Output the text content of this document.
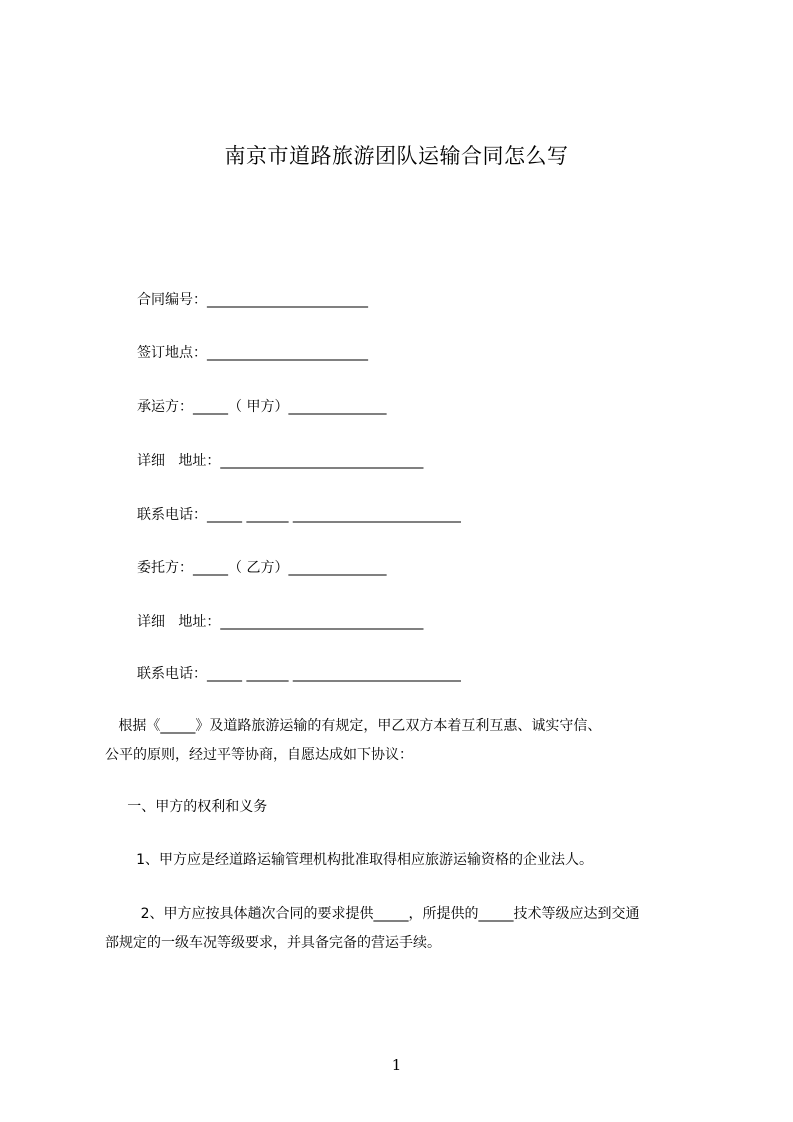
南京市道路旅游团队运输合同怎么写
合同编号：_______________________
签订地点：_______________________
承运方：_____（ 甲方）______________
详细   地址：_____________________________
联系电话：_____ ______ ________________________
委托方：_____（ 乙方）______________
详细   地址：_____________________________
联系电话：_____ ______ ________________________
根据《_____》及道路旅游运输的有规定，甲乙双方本着互利互惠、诚实守信、
公平的原则，经过平等协商，自愿达成如下协议：
一、甲方的权利和义务
1、甲方应是经道路运输管理机构批准取得相应旅游运输资格的企业法人。
2、甲方应按具体趟次合同的要求提供_____，所提供的_____技术等级应达到交通
部规定的一级车况等级要求，并具备完备的营运手续。
1
